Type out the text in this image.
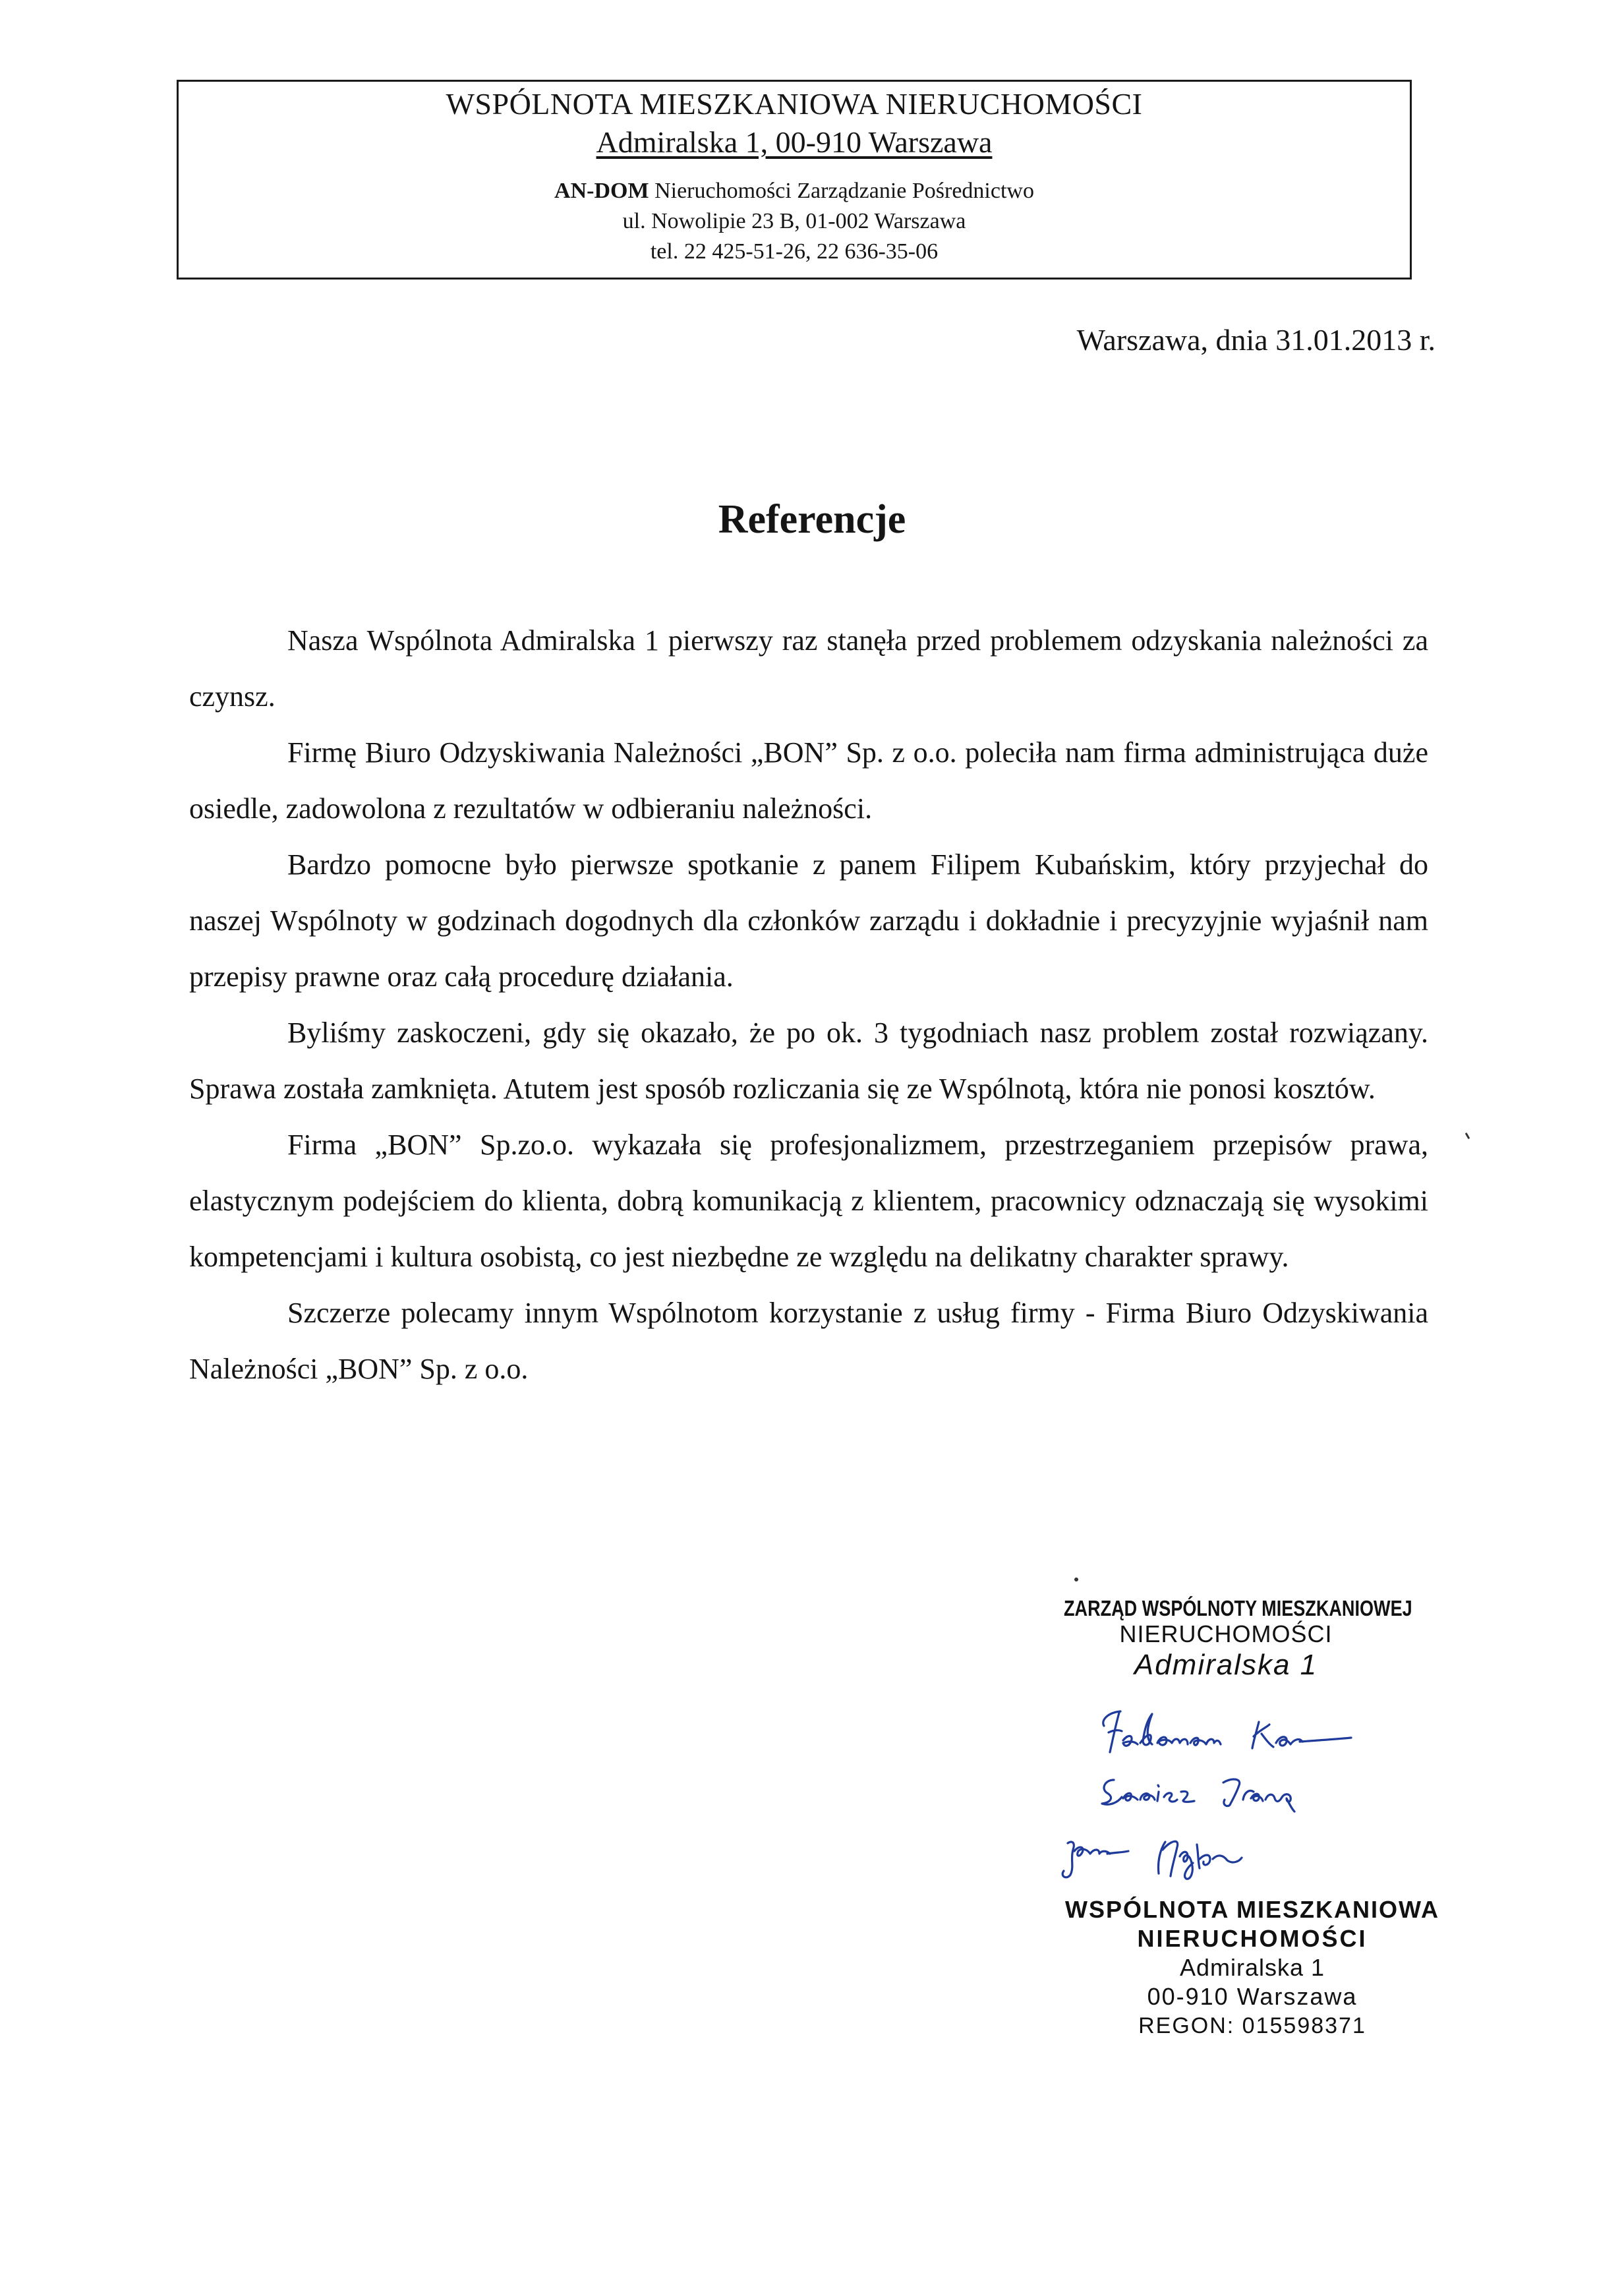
WSPÓLNOTA MIESZKANIOWA NIERUCHOMOŚCI
Admiralska 1, 00-910 Warszawa
AN-DOM Nieruchomości Zarządzanie Pośrednictwo
ul. Nowolipie 23 B, 01-002 Warszawa
tel. 22 425-51-26, 22 636-35-06
Warszawa, dnia 31.01.2013 r.
Referencje

Nasza Wspólnota Admiralska 1 pierwszy raz stanęła przed problemem odzyskania należności za czynsz.

Firmę Biuro Odzyskiwania Należności „BON” Sp. z o.o. poleciła nam firma administrująca duże osiedle, zadowolona z rezultatów w odbieraniu należności.

Bardzo pomocne było pierwsze spotkanie z panem Filipem Kubańskim, który przyjechał do naszej Wspólnoty w godzinach dogodnych dla członków zarządu i dokładnie i precyzyjnie wyjaśnił nam przepisy prawne oraz całą procedurę działania.

Byliśmy zaskoczeni, gdy się okazało, że po ok. 3 tygodniach nasz problem został rozwiązany. Sprawa została zamknięta. Atutem jest sposób rozliczania się ze Wspólnotą, która nie ponosi kosztów.

Firma „BON” Sp.zo.o. wykazała się profesjonalizmem, przestrzeganiem przepisów prawa, elastycznym podejściem do klienta, dobrą komunikacją z klientem, pracownicy odznaczają się wysokimi kompetencjami i kultura osobistą, co jest niezbędne ze względu na delikatny charakter sprawy.

Szczerze polecamy innym Wspólnotom korzystanie z usług firmy - Firma Biuro Odzyskiwania Należności „BON” Sp. z o.o.

ZARZĄD WSPÓLNOTY MIESZKANIOWEJ
NIERUCHOMOŚCI
Admiralska 1
WSPÓLNOTA MIESZKANIOWA
NIERUCHOMOŚCI
Admiralska 1
00-910 Warszawa
REGON: 015598371
